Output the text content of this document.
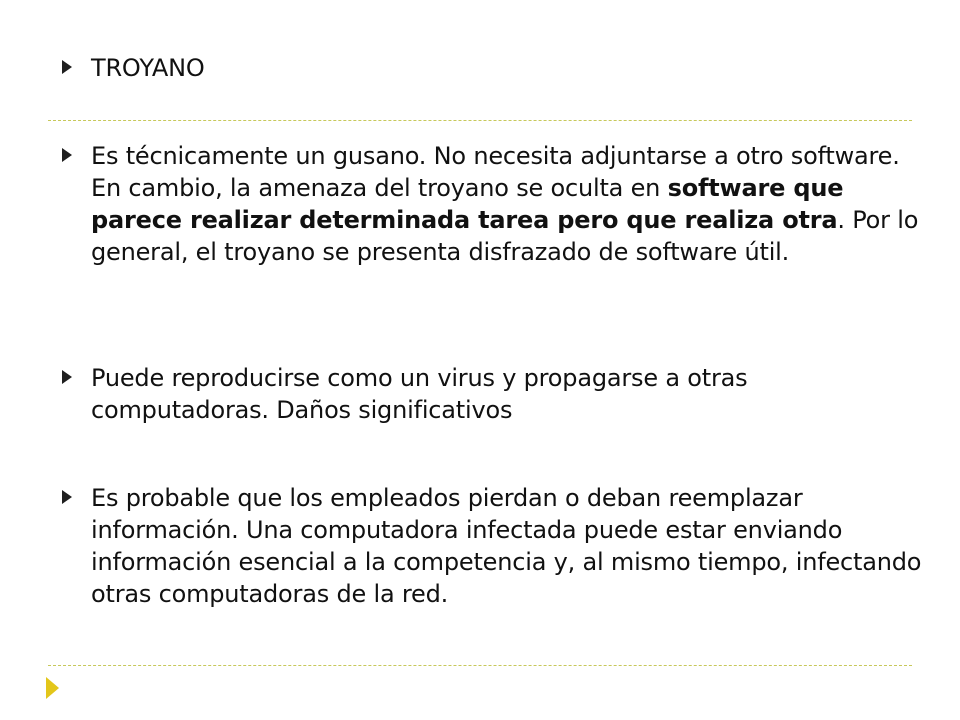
TROYANO
Es técnicamente un gusano. No necesita adjuntarse a otro software. En cambio, la amenaza del troyano se oculta en software que parece realizar determinada tarea pero que realiza otra. Por lo general, el troyano se presenta disfrazado de software útil.
Puede reproducirse como un virus y propagarse a otras computadoras. Daños significativos
Es probable que los empleados pierdan o deban reemplazar información. Una computadora infectada puede estar enviando información esencial a la competencia y, al mismo tiempo, infectando otras computadoras de la red.
